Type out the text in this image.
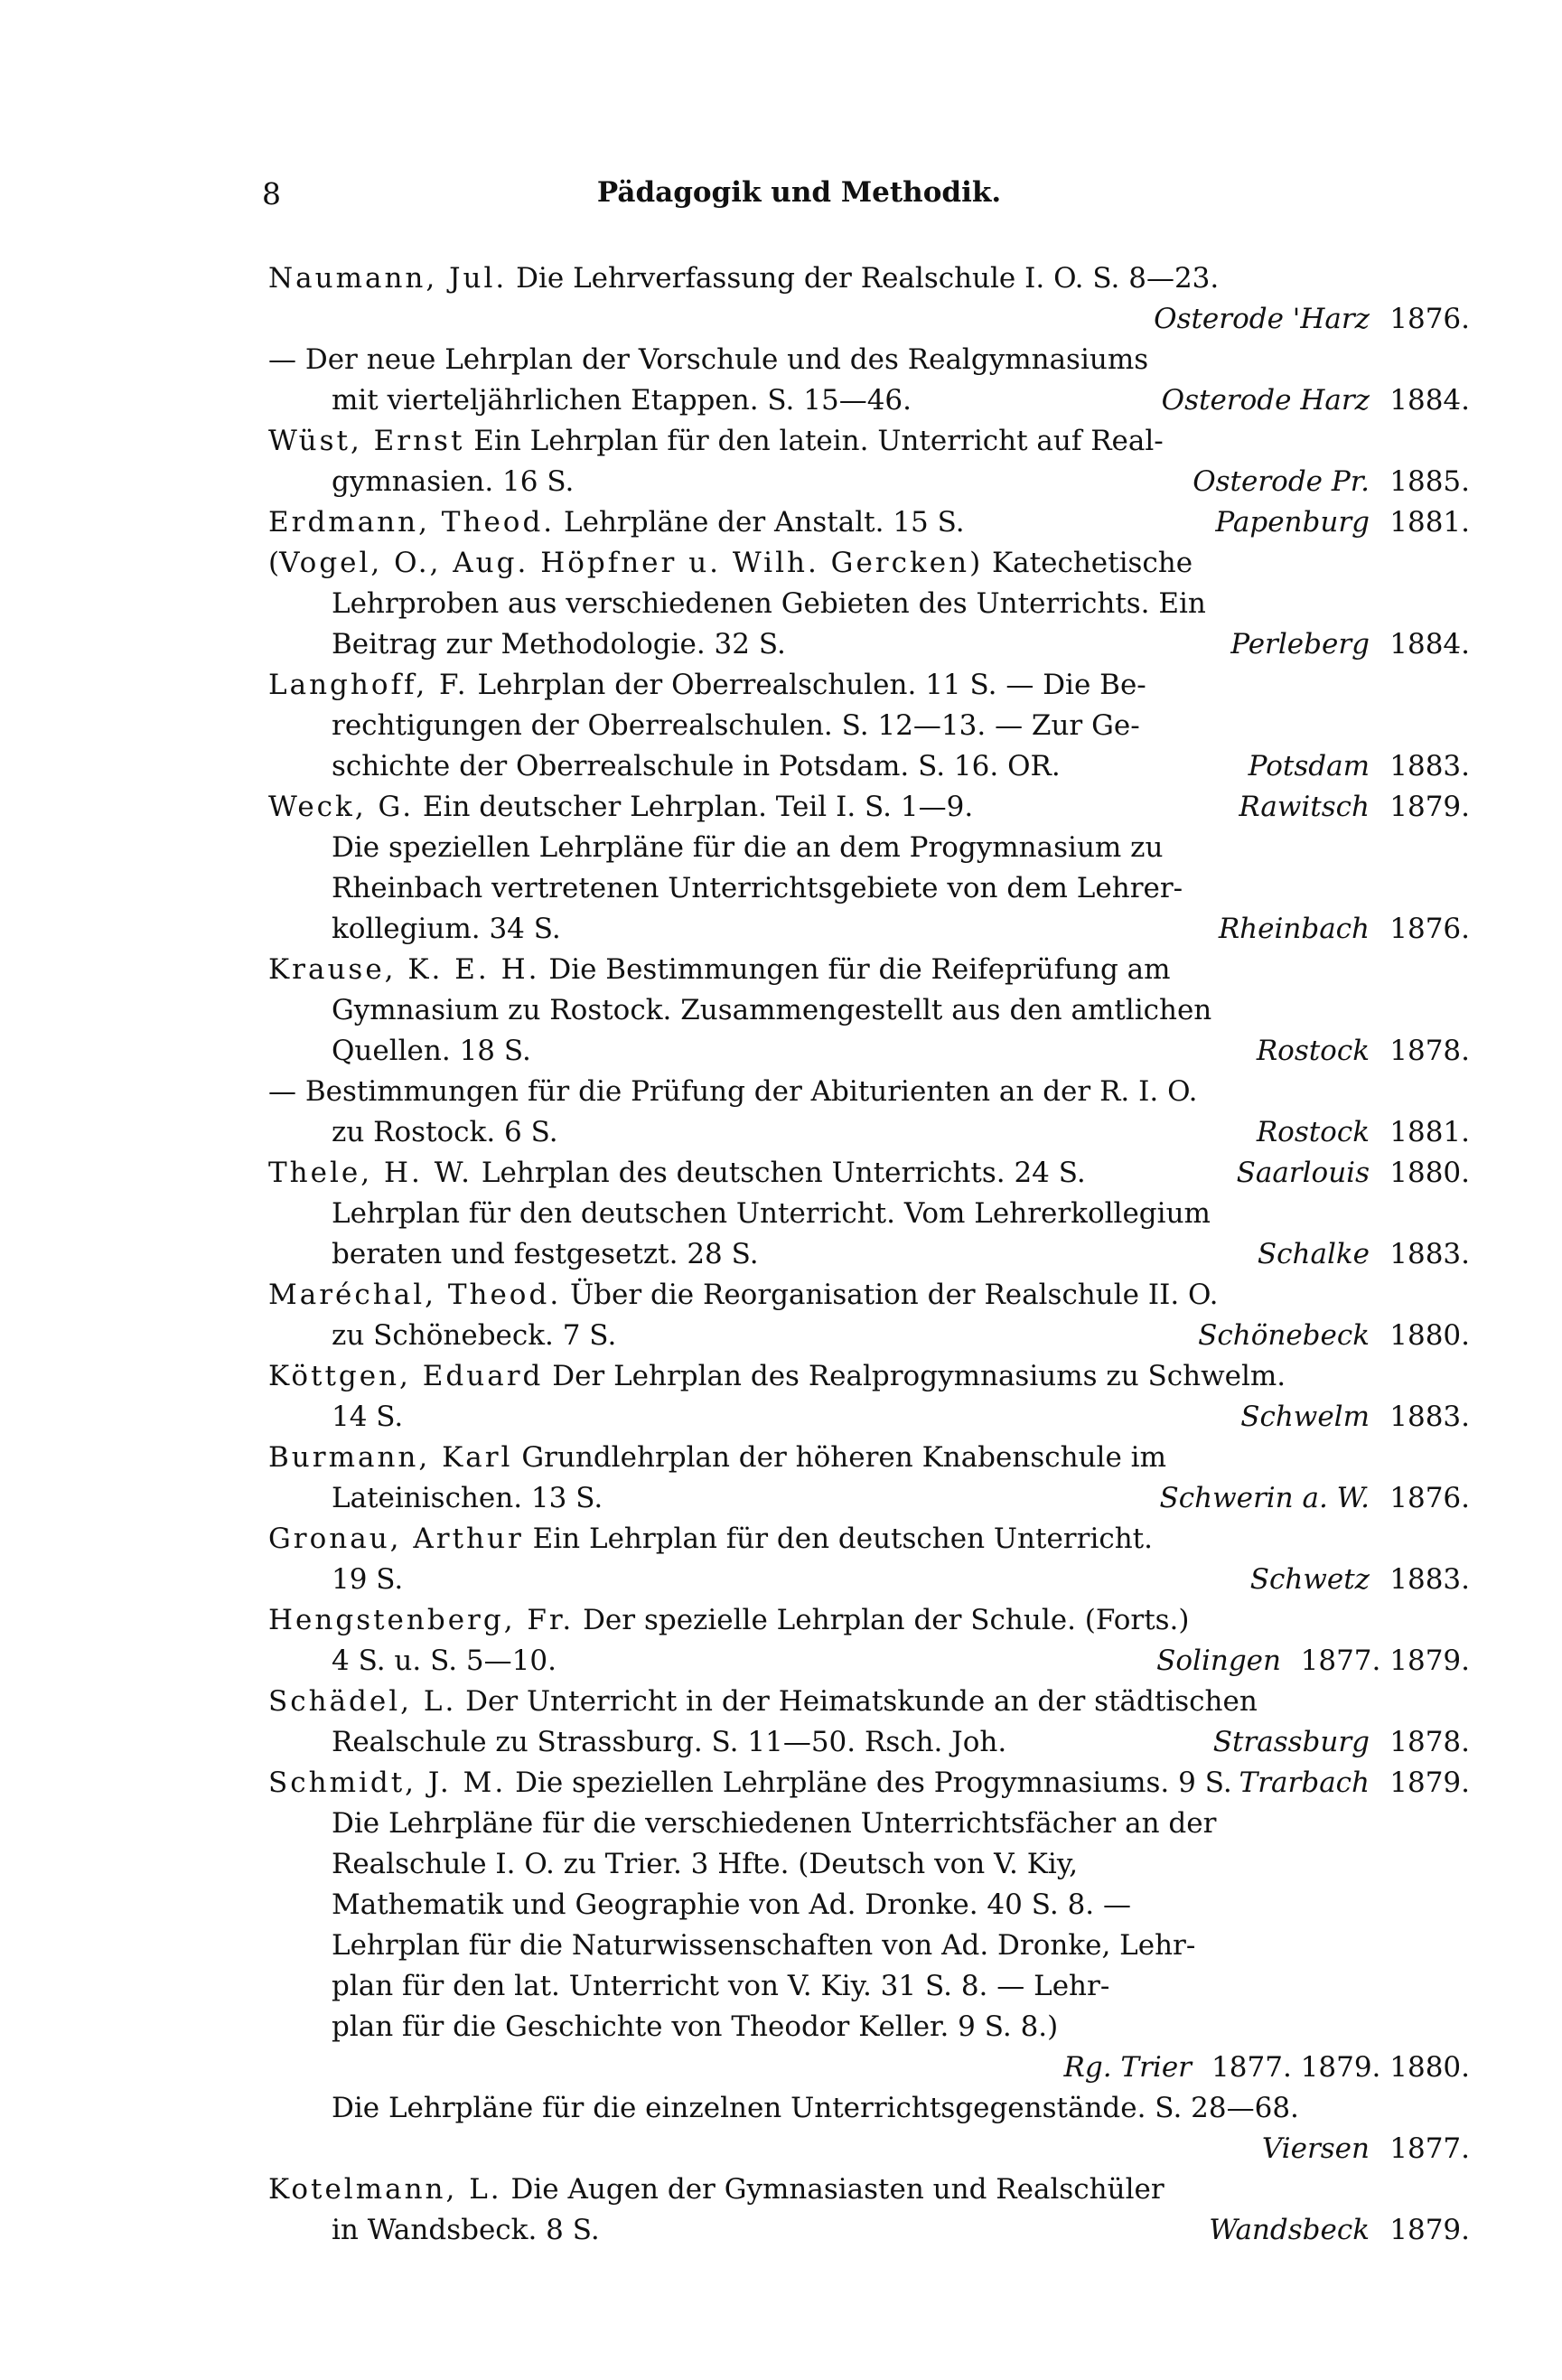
8	Pädagogik und Methodik.
Naumann, Jul. Die Lehrverfassung der Realschule I. O. S. 8—23.
Osterode 'Harz 1876.
— Der neue Lehrplan der Vorschule und des Realgymnasiums
mit vierteljährlichen Etappen. S. 15—46.	Osterode Harz 1884.
Wüst, Ernst Ein Lehrplan für den latein. Unterricht auf Real-
gymnasien. 16 S.	Osterode Pr. 1885.
Erdmann, Theod. Lehrpläne der Anstalt. 15 S.	Papenburg 1881.
(Vogel, O., Aug. Höpfner u. Wilh. Gercken) Katechetische
Lehrproben aus verschiedenen Gebieten des Unterrichts. Ein
Beitrag zur Methodologie. 32 S.	Perleberg 1884.
Langhoff, F. Lehrplan der Oberrealschulen. 11 S. — Die Be-
rechtigungen der Oberrealschulen. S. 12—13. — Zur Ge-
schichte der Oberrealschule in Potsdam. S. 16. OR.	Potsdam 1883.
Weck, G. Ein deutscher Lehrplan. Teil I. S. 1—9.	Rawitsch 1879.
Die speziellen Lehrpläne für die an dem Progymnasium zu
Rheinbach vertretenen Unterrichtsgebiete von dem Lehrer-
kollegium. 34 S.	Rheinbach 1876.
Krause, K. E. H. Die Bestimmungen für die Reifeprüfung am
Gymnasium zu Rostock. Zusammengestellt aus den amtlichen
Quellen. 18 S.	Rostock 1878.
— Bestimmungen für die Prüfung der Abiturienten an der R. I. O.
zu Rostock. 6 S.	Rostock 1881.
Thele, H. W. Lehrplan des deutschen Unterrichts. 24 S.	Saarlouis 1880.
Lehrplan für den deutschen Unterricht. Vom Lehrerkollegium
beraten und festgesetzt. 28 S.	Schalke 1883.
Maréchal, Theod. Über die Reorganisation der Realschule II. O.
zu Schönebeck. 7 S.	Schönebeck 1880.
Köttgen, Eduard Der Lehrplan des Realprogymnasiums zu Schwelm.
14 S.	Schwelm 1883.
Burmann, Karl Grundlehrplan der höheren Knabenschule im
Lateinischen. 13 S.	Schwerin a. W. 1876.
Gronau, Arthur Ein Lehrplan für den deutschen Unterricht.
19 S.	Schwetz 1883.
Hengstenberg, Fr. Der spezielle Lehrplan der Schule. (Forts.)
4 S. u. S. 5—10.	Solingen 1877. 1879.
Schädel, L. Der Unterricht in der Heimatskunde an der städtischen
Realschule zu Strassburg. S. 11—50. Rsch. Joh.	Strassburg 1878.
Schmidt, J. M. Die speziellen Lehrpläne des Progymnasiums. 9 S. Trarbach 1879.
Die Lehrpläne für die verschiedenen Unterrichtsfächer an der
Realschule I. O. zu Trier. 3 Hfte. (Deutsch von V. Kiy,
Mathematik und Geographie von Ad. Dronke. 40 S. 8. —
Lehrplan für die Naturwissenschaften von Ad. Dronke, Lehr-
plan für den lat. Unterricht von V. Kiy. 31 S. 8. — Lehr-
plan für die Geschichte von Theodor Keller. 9 S. 8.)
Rg. Trier 1877. 1879. 1880.
Die Lehrpläne für die einzelnen Unterrichtsgegenstände. S. 28—68.
Viersen 1877.
Kotelmann, L. Die Augen der Gymnasiasten und Realschüler
in Wandsbeck. 8 S.	Wandsbeck 1879.
